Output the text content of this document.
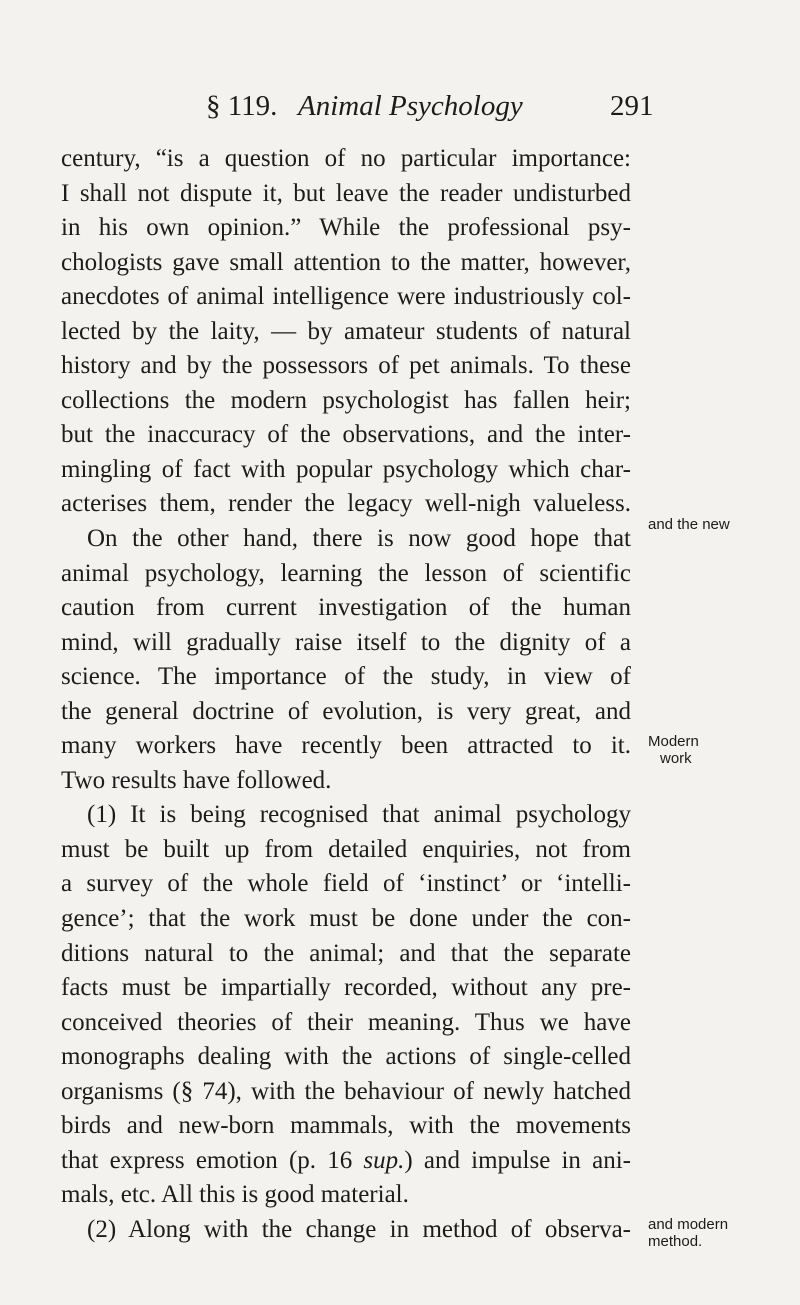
§ 119. Animal Psychology	291
century, “is a question of no particular importance:
I shall not dispute it, but leave the reader undisturbed
in his own opinion.” While the professional psy-
chologists gave small attention to the matter, however,
anecdotes of animal intelligence were industriously col-
lected by the laity, — by amateur students of natural
history and by the possessors of pet animals. To these
collections the modern psychologist has fallen heir;
but the inaccuracy of the observations, and the inter-
mingling of fact with popular psychology which char-
acterises them, render the legacy well-nigh valueless.
On the other hand, there is now good hope that
animal psychology, learning the lesson of scientific
caution from current investigation of the human
mind, will gradually raise itself to the dignity of a
science. The importance of the study, in view of
the general doctrine of evolution, is very great, and
many workers have recently been attracted to it.
Two results have followed.
(1) It is being recognised that animal psychology
must be built up from detailed enquiries, not from
a survey of the whole field of ‘instinct’ or ‘intelli-
gence’; that the work must be done under the con-
ditions natural to the animal; and that the separate
facts must be impartially recorded, without any pre-
conceived theories of their meaning. Thus we have
monographs dealing with the actions of single-celled
organisms (§ 74), with the behaviour of newly hatched
birds and new-born mammals, with the movements
that express emotion (p. 16 sup.) and impulse in ani-
mals, etc. All this is good material.
(2) Along with the change in method of observa-
and the new
Modern
work
and modern
method.
